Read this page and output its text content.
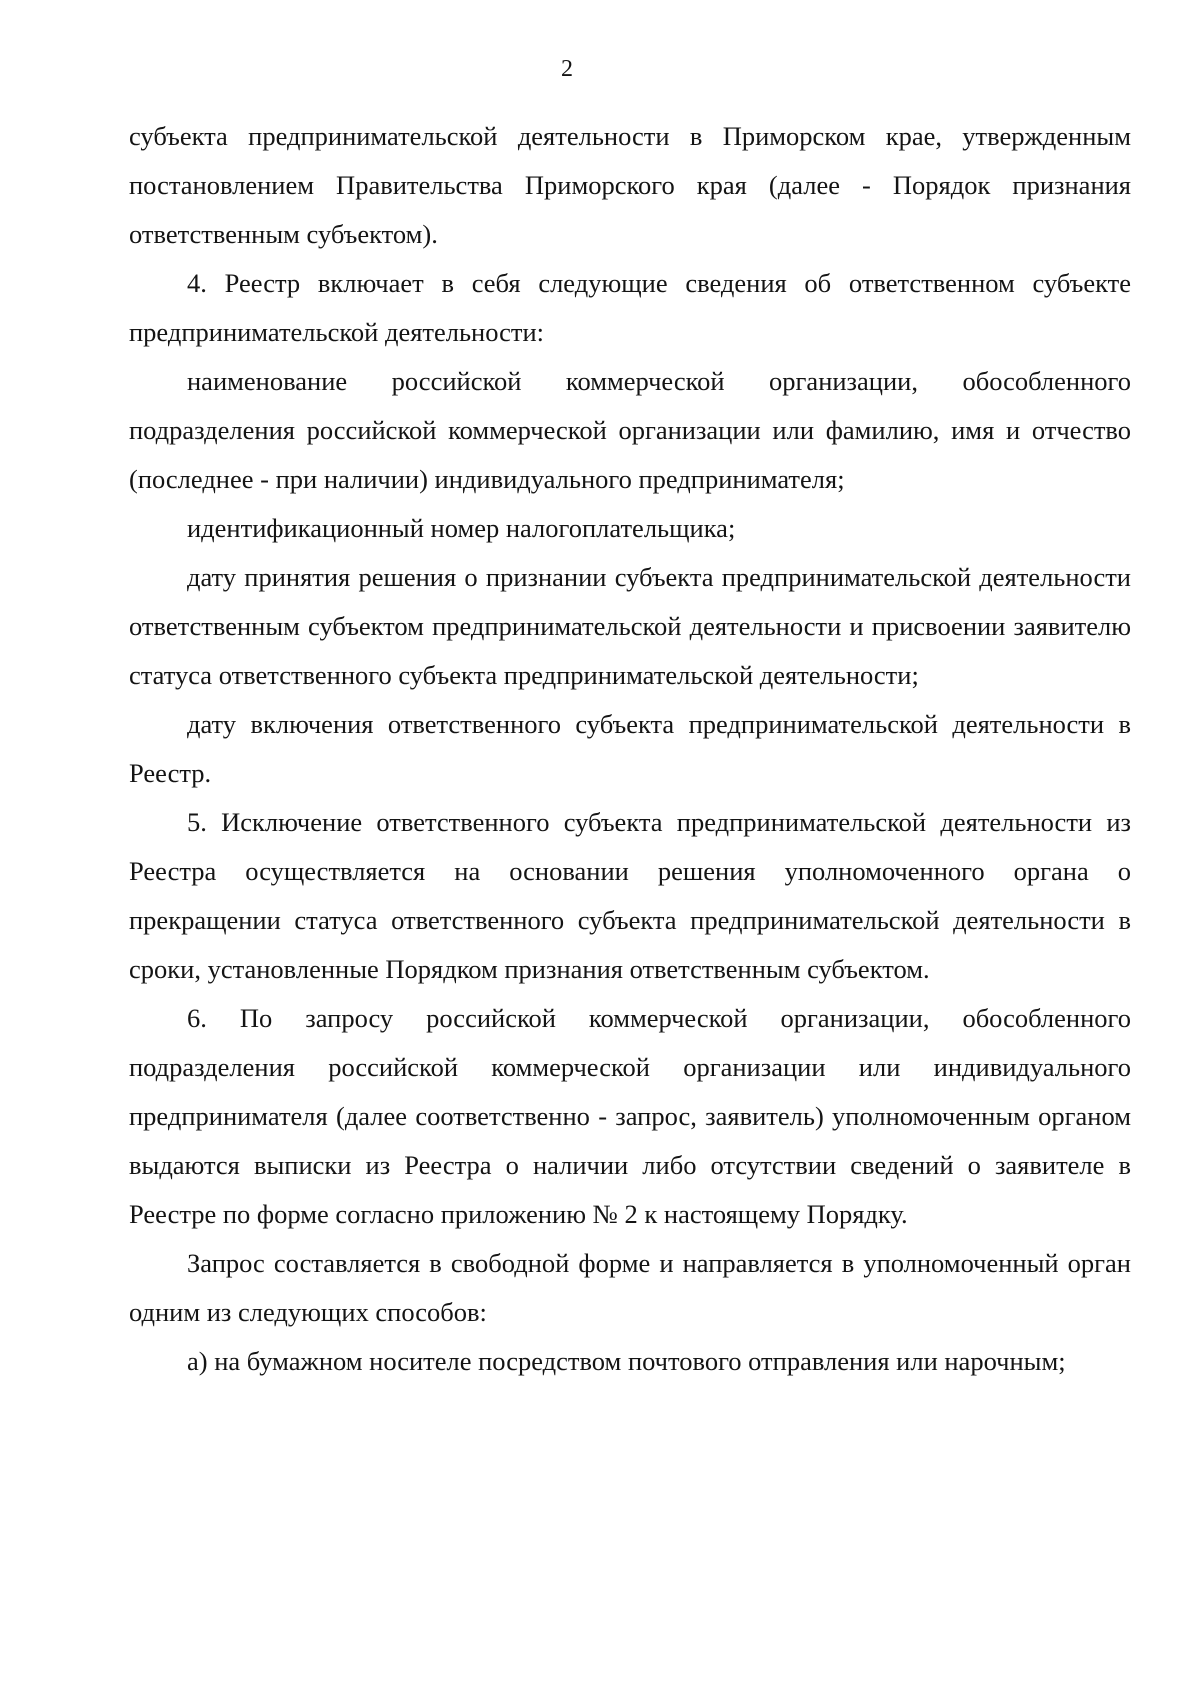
2

субъекта предпринимательской деятельности в Приморском крае, утвержденным постановлением Правительства Приморского края (далее - Порядок признания ответственным субъектом).

4. Реестр включает в себя следующие сведения об ответственном субъекте предпринимательской деятельности:

наименование российской коммерческой организации, обособленного подразделения российской коммерческой организации или фамилию, имя и отчество (последнее - при наличии) индивидуального предпринимателя;

идентификационный номер налогоплательщика;

дату принятия решения о признании субъекта предпринимательской деятельности ответственным субъектом предпринимательской деятельности и присвоении заявителю статуса ответственного субъекта предпринимательской деятельности;

дату включения ответственного субъекта предпринимательской деятельности в Реестр.

5. Исключение ответственного субъекта предпринимательской деятельности из Реестра осуществляется на основании решения уполномоченного органа о прекращении статуса ответственного субъекта предпринимательской деятельности в сроки, установленные Порядком признания ответственным субъектом.

6. По запросу российской коммерческой организации, обособленного подразделения российской коммерческой организации или индивидуального предпринимателя (далее соответственно - запрос, заявитель) уполномоченным органом выдаются выписки из Реестра о наличии либо отсутствии сведений о заявителе в Реестре по форме согласно приложению № 2 к настоящему Порядку.

Запрос составляется в свободной форме и направляется в уполномоченный орган одним из следующих способов:

а) на бумажном носителе посредством почтового отправления или нарочным;
